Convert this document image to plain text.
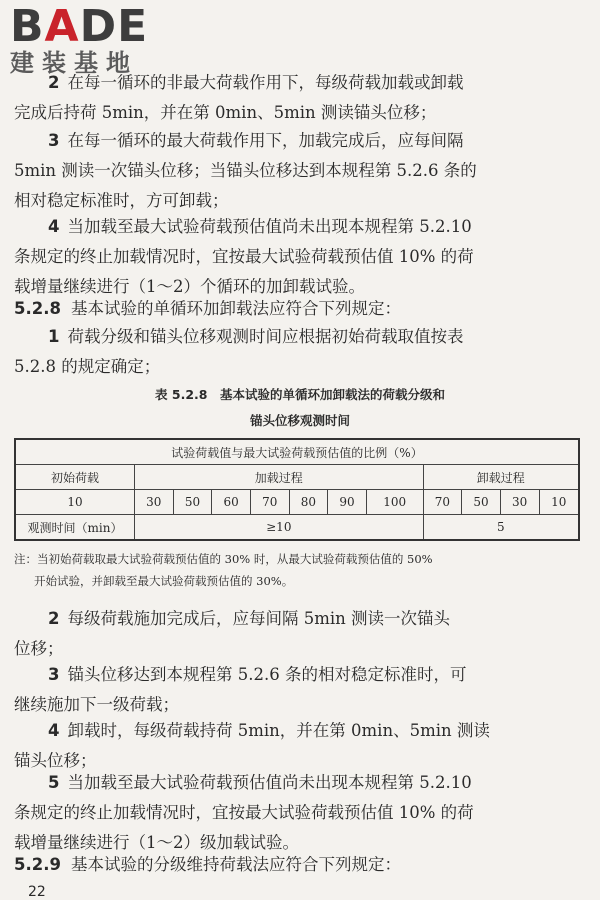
BADE
建装基地
2 在每一循环的非最大荷载作用下，每级荷载加载或卸载
完成后持荷 5min，并在第 0min、5min 测读锚头位移；
3 在每一循环的最大荷载作用下，加载完成后，应每间隔
5min 测读一次锚头位移；当锚头位移达到本规程第 5.2.6 条的
相对稳定标准时，方可卸载；
4 当加载至最大试验荷载预估值尚未出现本规程第 5.2.10
条规定的终止加载情况时，宜按最大试验荷载预估值 10% 的荷
载增量继续进行（1～2）个循环的加卸载试验。
5.2.8 基本试验的单循环加卸载法应符合下列规定：
1 荷载分级和锚头位移观测时间应根据初始荷载取值按表
5.2.8 的规定确定；
表 5.2.8　基本试验的单循环加卸载法的荷载分级和
锚头位移观测时间
试验荷载值与最大试验荷载预估值的比例（%）											
初始荷载	加载过程							卸载过程			
10	30	50	60	70	80	90	100	70	50	30	10
观测时间（min）	≥10							5			
注：当初始荷载取最大试验荷载预估值的 30% 时，从最大试验荷载预估值的 50%
开始试验，并卸载至最大试验荷载预估值的 30%。
2 每级荷载施加完成后，应每间隔 5min 测读一次锚头
位移；
3 锚头位移达到本规程第 5.2.6 条的相对稳定标准时，可
继续施加下一级荷载；
4 卸载时，每级荷载持荷 5min，并在第 0min、5min 测读
锚头位移；
5 当加载至最大试验荷载预估值尚未出现本规程第 5.2.10
条规定的终止加载情况时，宜按最大试验荷载预估值 10% 的荷
载增量继续进行（1～2）级加载试验。
5.2.9 基本试验的分级维持荷载法应符合下列规定：
22
